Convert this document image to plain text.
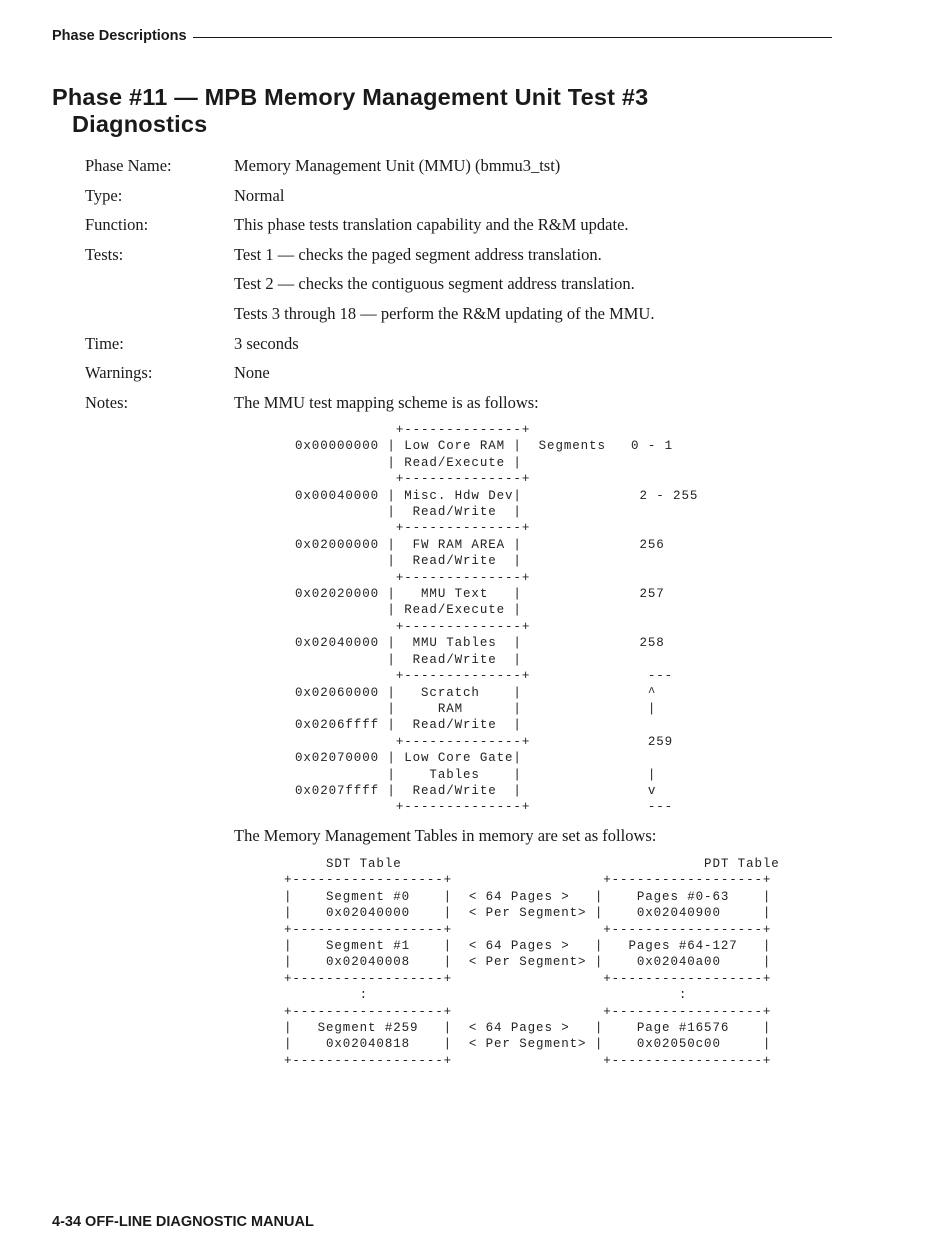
Phase Descriptions
Phase #11 — MPB Memory Management Unit Test #3
Diagnostics
Phase Name:	Memory Management Unit (MMU) (bmmu3_tst)
Type:	Normal
Function:	This phase tests translation capability and the R&M update.
Tests:	Test 1 — checks the paged segment address translation.
Test 2 — checks the contiguous segment address translation.
Tests 3 through 18 — perform the R&M updating of the MMU.
Time:	3 seconds
Warnings:	None
Notes:	The MMU test mapping scheme is as follows:
+--------------+
0x00000000 | Low Core RAM |  Segments   0 - 1
| Read/Execute |
+--------------+
0x00040000 | Misc. Hdw Dev|              2 - 255
|  Read/Write  |
+--------------+
0x02000000 |  FW RAM AREA |              256
|  Read/Write  |
+--------------+
0x02020000 |   MMU Text   |              257
| Read/Execute |
+--------------+
0x02040000 |  MMU Tables  |              258
|  Read/Write  |
+--------------+              ---
0x02060000 |   Scratch    |               ^
|     RAM      |               |
0x0206ffff |  Read/Write  |
+--------------+              259
0x02070000 | Low Core Gate|
|    Tables    |               |
0x0207ffff |  Read/Write  |               v
+--------------+              ---

The Memory Management Tables in memory are set as follows:
SDT Table                                    PDT Table
+------------------+                  +------------------+
|    Segment #0    |  < 64 Pages >   |    Pages #0-63    |
|    0x02040000    |  < Per Segment> |    0x02040900     |
+------------------+                  +------------------+
|    Segment #1    |  < 64 Pages >   |   Pages #64-127   |
|    0x02040008    |  < Per Segment> |    0x02040a00     |
+------------------+                  +------------------+
:                                     :
+------------------+                  +------------------+
|   Segment #259   |  < 64 Pages >   |    Page #16576    |
|    0x02040818    |  < Per Segment> |    0x02050c00     |
+------------------+                  +------------------+

4-34 OFF-LINE DIAGNOSTIC MANUAL
